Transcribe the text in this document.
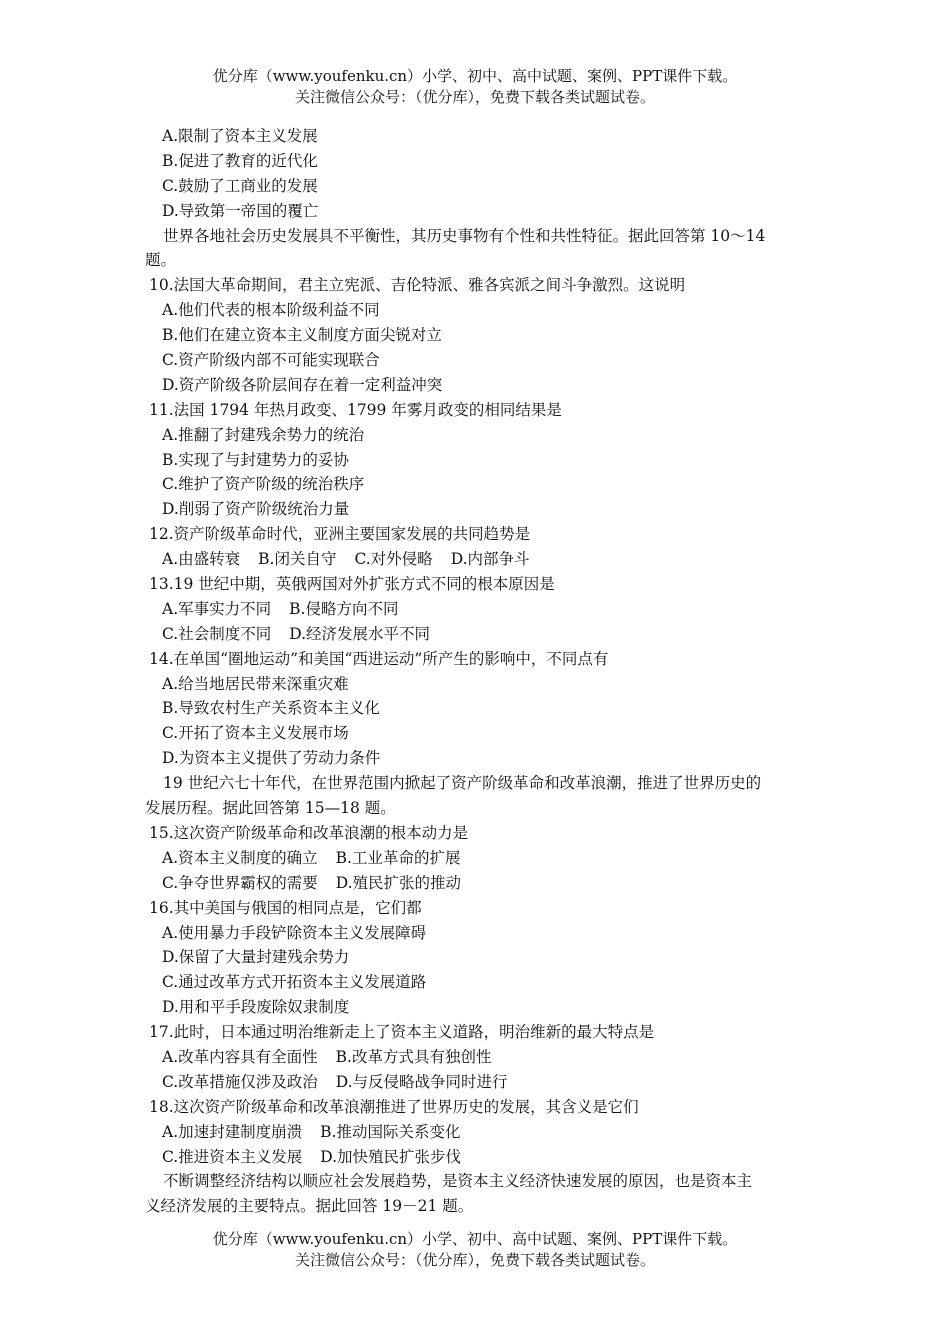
优分库（www.youfenku.cn）小学、初中、高中试题、案例、PPT课件下载。
关注微信公众号：（优分库），免费下载各类试题试卷。
A.限制了资本主义发展
B.促进了教育的近代化
C.鼓励了工商业的发展
D.导致第一帝国的覆亡
世界各地社会历史发展具不平衡性，其历史事物有个性和共性特征。据此回答第 10～14
题。
10.法国大革命期间，君主立宪派、吉伦特派、雅各宾派之间斗争激烈。这说明
A.他们代表的根本阶级利益不同
B.他们在建立资本主义制度方面尖锐对立
C.资产阶级内部不可能实现联合
D.资产阶级各阶层间存在着一定利益冲突
11.法国 1794 年热月政变、1799 年雾月政变的相同结果是
A.推翻了封建残余势力的统治
B.实现了与封建势力的妥协
C.维护了资产阶级的统治秩序
D.削弱了资产阶级统治力量
12.资产阶级革命时代，亚洲主要国家发展的共同趋势是
A.由盛转衰 B.闭关自守 C.对外侵略 D.内部争斗
13.19 世纪中期，英俄两国对外扩张方式不同的根本原因是
A.军事实力不同 B.侵略方向不同
C.社会制度不同 D.经济发展水平不同
14.在单国“圈地运动”和美国“西进运动”所产生的影响中，不同点有
A.给当地居民带来深重灾难
B.导致农村生产关系资本主义化
C.开拓了资本主义发展市场
D.为资本主义提供了劳动力条件
19 世纪六七十年代，在世界范围内掀起了资产阶级革命和改革浪潮，推进了世界历史的
发展历程。据此回答第 15—18 题。
15.这次资产阶级革命和改革浪潮的根本动力是
A.资本主义制度的确立 B.工业革命的扩展
C.争夺世界霸权的需要 D.殖民扩张的推动
16.其中美国与俄国的相同点是，它们都
A.使用暴力手段铲除资本主义发展障碍
D.保留了大量封建残余势力
C.通过改革方式开拓资本主义发展道路
D.用和平手段废除奴隶制度
17.此时，日本通过明治维新走上了资本主义道路，明治维新的最大特点是
A.改革内容具有全面性 B.改革方式具有独创性
C.改革措施仅涉及政治 D.与反侵略战争同时进行
18.这次资产阶级革命和改革浪潮推进了世界历史的发展，其含义是它们
A.加速封建制度崩溃 B.推动国际关系变化
C.推进资本主义发展 D.加快殖民扩张步伐
不断调整经济结构以顺应社会发展趋势，是资本主义经济快速发展的原因，也是资本主
义经济发展的主要特点。据此回答 19－21 题。
优分库（www.youfenku.cn）小学、初中、高中试题、案例、PPT课件下载。
关注微信公众号：（优分库），免费下载各类试题试卷。
